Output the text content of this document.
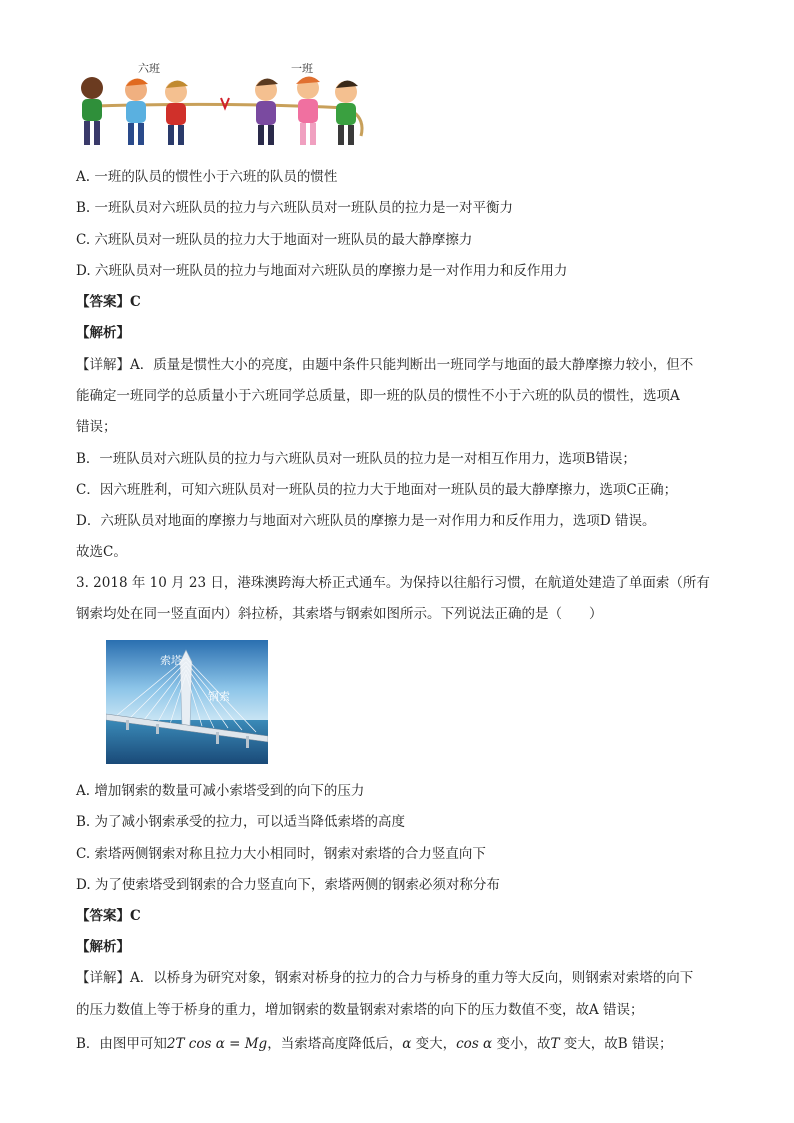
六班	一班
A. 一班的队员的惯性小于六班的队员的惯性
B. 一班队员对六班队员的拉力与六班队员对一班队员的拉力是一对平衡力
C. 六班队员对一班队员的拉力大于地面对一班队员的最大静摩擦力
D. 六班队员对一班队员的拉力与地面对六班队员的摩擦力是一对作用力和反作用力
【答案】C
【解析】
【详解】A．质量是惯性大小的亮度，由题中条件只能判断出一班同学与地面的最大静摩擦力较小，但不
能确定一班同学的总质量小于六班同学总质量，即一班的队员的惯性不小于六班的队员的惯性，选项A
错误；
B．一班队员对六班队员的拉力与六班队员对一班队员的拉力是一对相互作用力，选项B错误；
C．因六班胜利，可知六班队员对一班队员的拉力大于地面对一班队员的最大静摩擦力，选项C正确；
D．六班队员对地面的摩擦力与地面对六班队员的摩擦力是一对作用力和反作用力，选项D 错误。
故选C。
3. 2018 年 10 月 23 日，港珠澳跨海大桥正式通车。为保持以往船行习惯，在航道处建造了单面索（所有
钢索均处在同一竖直面内）斜拉桥，其索塔与钢索如图所示。下列说法正确的是（　　）
索塔
钢索
A. 增加钢索的数量可减小索塔受到的向下的压力
B. 为了减小钢索承受的拉力，可以适当降低索塔的高度
C. 索塔两侧钢索对称且拉力大小相同时，钢索对索塔的合力竖直向下
D. 为了使索塔受到钢索的合力竖直向下，索塔两侧的钢索必须对称分布
【答案】C
【解析】
【详解】A．以桥身为研究对象，钢索对桥身的拉力的合力与桥身的重力等大反向，则钢索对索塔的向下
的压力数值上等于桥身的重力，增加钢索的数量钢索对索塔的向下的压力数值不变，故A 错误；
B．由图甲可知2T cos α = Mg，当索塔高度降低后，α 变大，cos α 变小，故T 变大，故B 错误；
